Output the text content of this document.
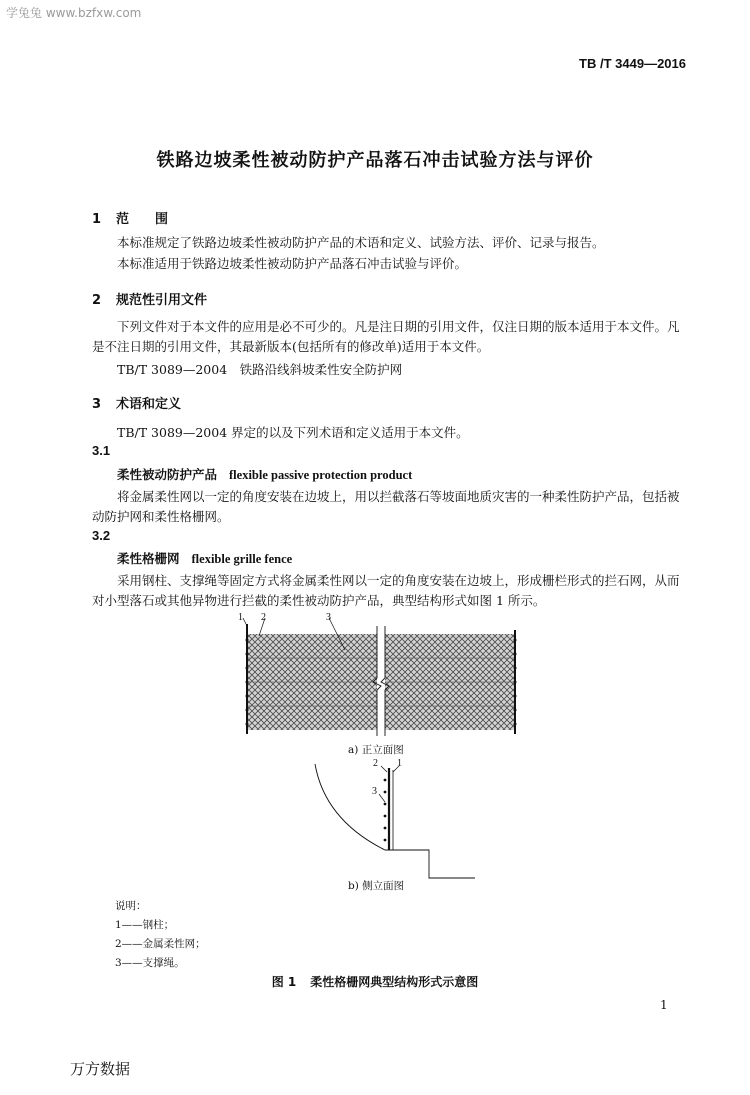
学兔兔 www.bzfxw.com
TB /T 3449—2016
铁路边坡柔性被动防护产品落石冲击试验方法与评价
1 范　　围
本标准规定了铁路边坡柔性被动防护产品的术语和定义、试验方法、评价、记录与报告。
本标准适用于铁路边坡柔性被动防护产品落石冲击试验与评价。
2 规范性引用文件
下列文件对于本文件的应用是必不可少的。凡是注日期的引用文件，仅注日期的版本适用于本文件。凡是不注日期的引用文件，其最新版本(包括所有的修改单)适用于本文件。
TB/T 3089—2004　铁路沿线斜坡柔性安全防护网
3 术语和定义
TB/T 3089—2004 界定的以及下列术语和定义适用于本文件。
3.1
柔性被动防护产品 flexible passive protection product
将金属柔性网以一定的角度安装在边坡上，用以拦截落石等坡面地质灾害的一种柔性防护产品，包括被动防护网和柔性格栅网。
3.2
柔性格栅网 flexible grille fence
采用钢柱、支撑绳等固定方式将金属柔性网以一定的角度安装在边坡上，形成栅栏形式的拦石网，从而对小型落石或其他异物进行拦截的柔性被动防护产品，典型结构形式如图 1 所示。
1 2	3
a) 正立面图
2 1
3
b) 侧立面图
说明：
1——钢柱；
2——金属柔性网；
3——支撑绳。
图 1 柔性格栅网典型结构形式示意图
1
万方数据
